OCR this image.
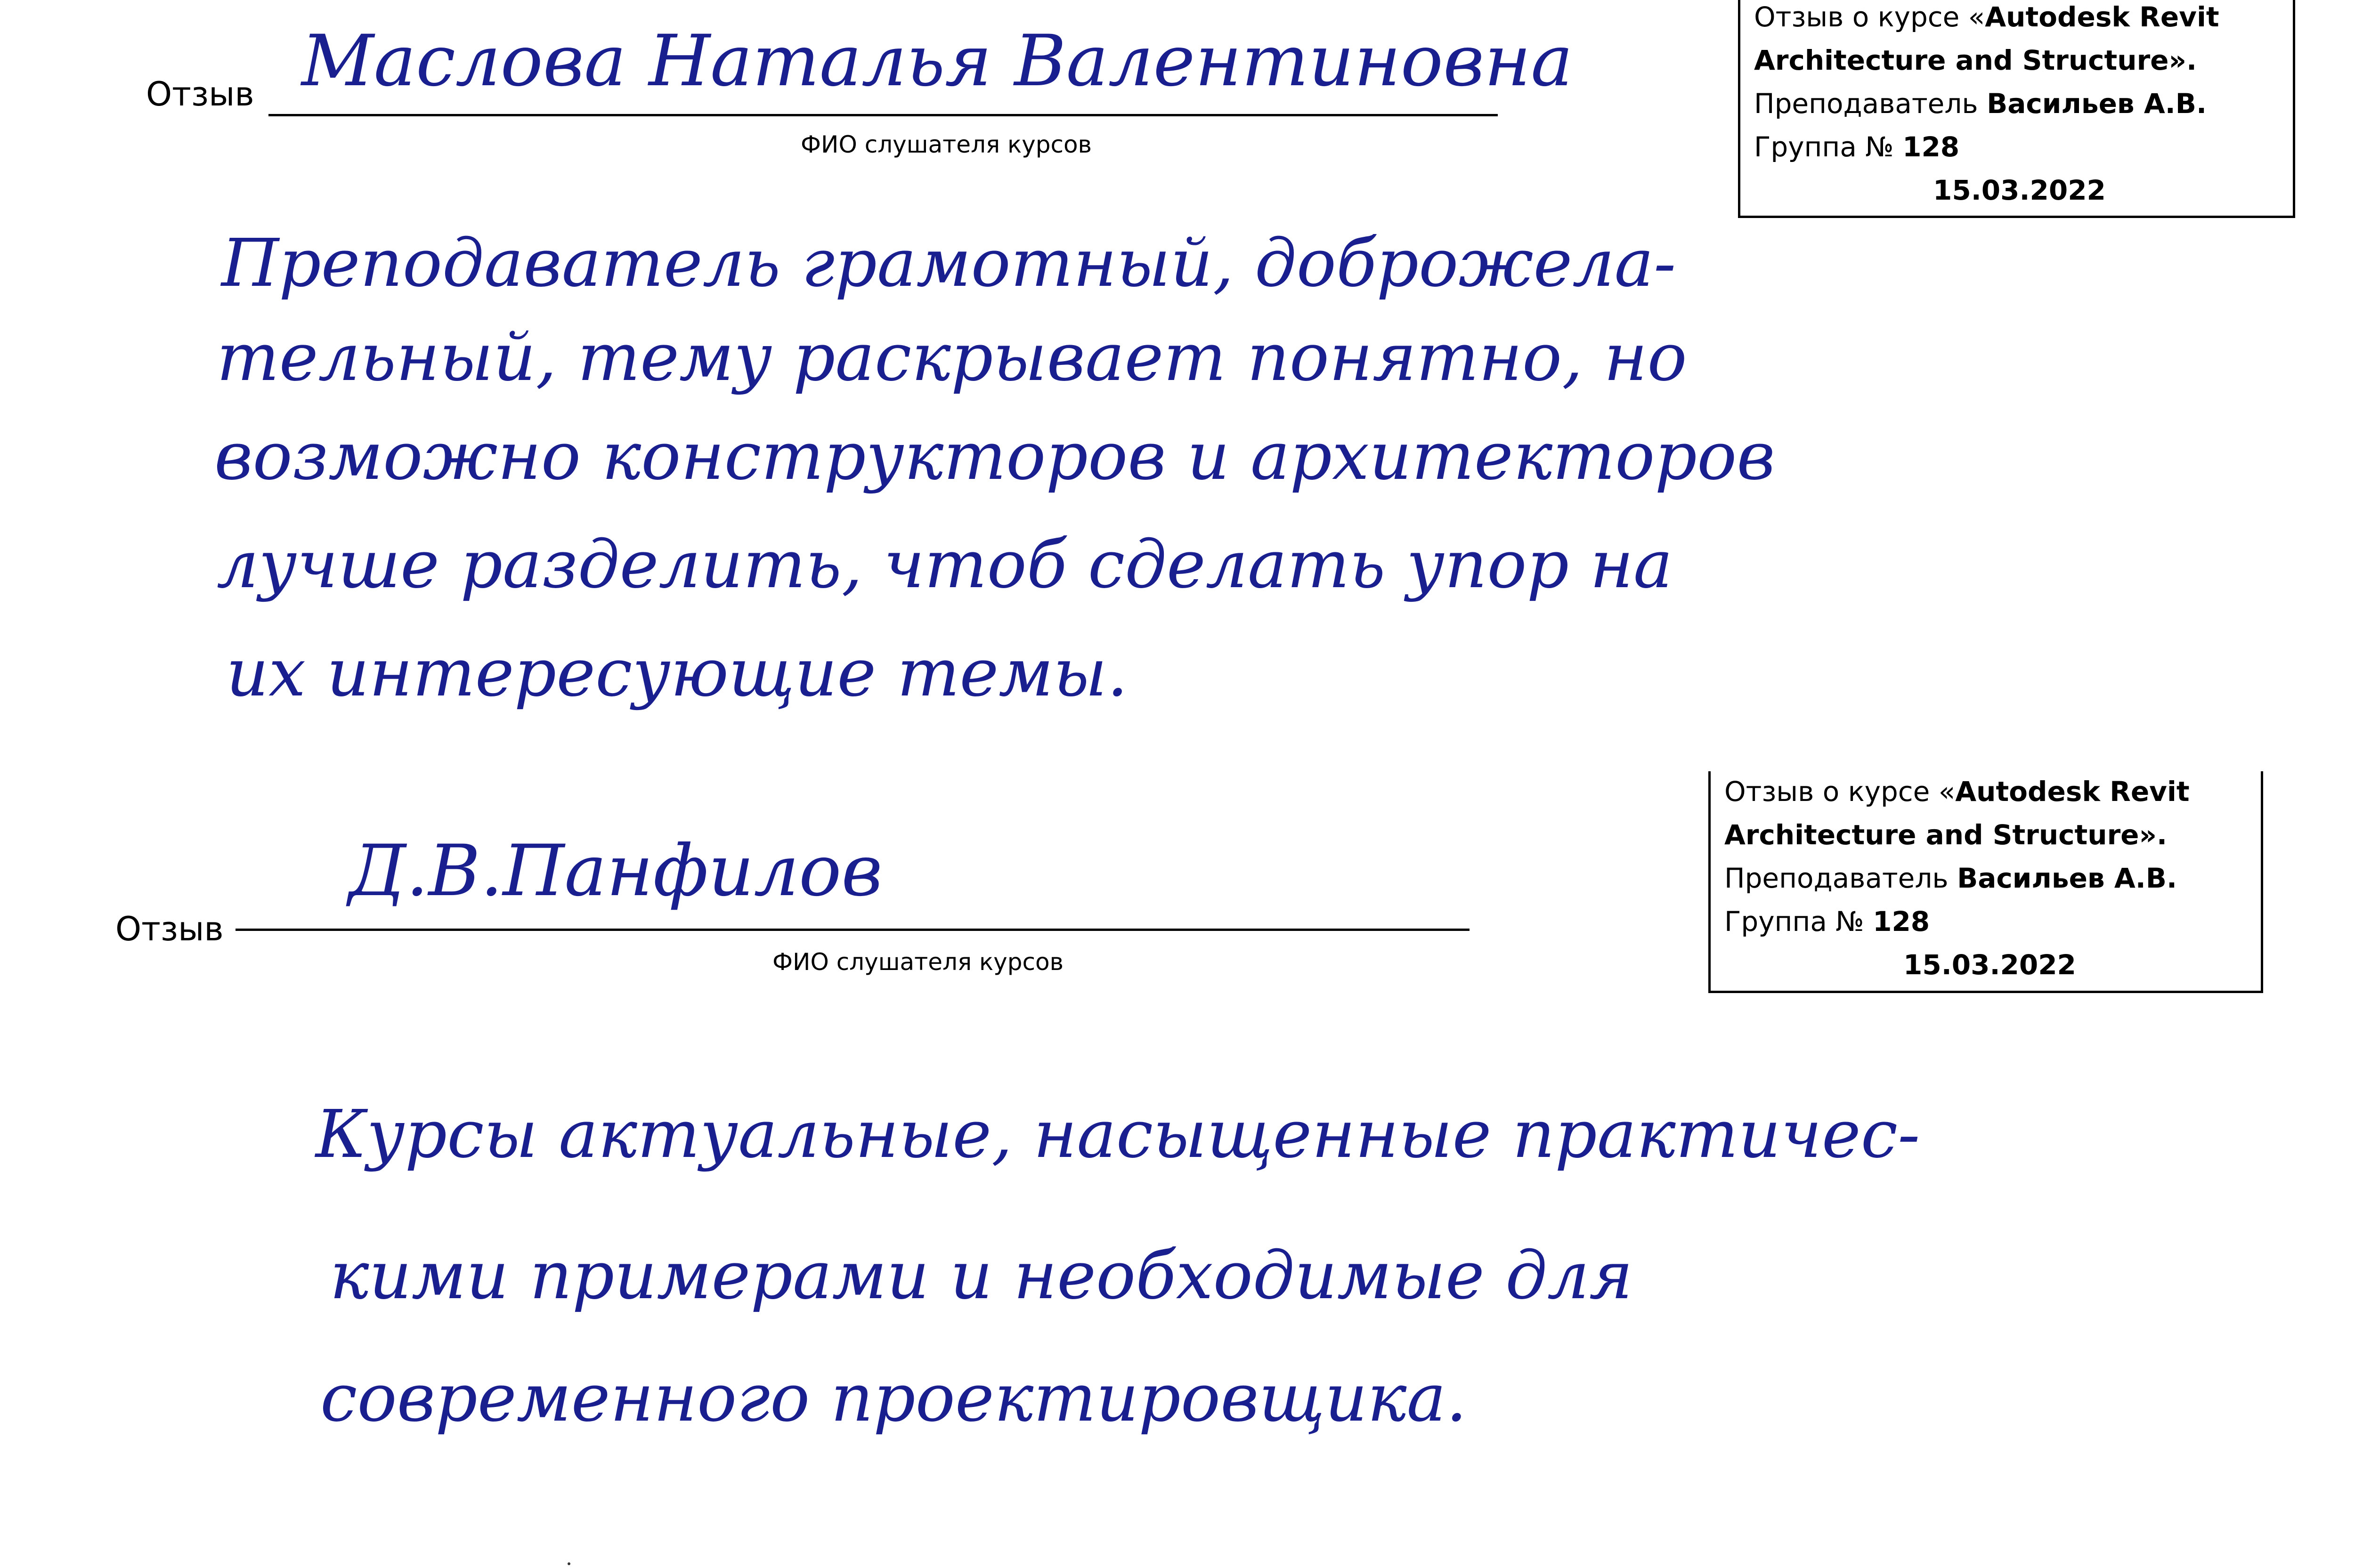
Отзыв Маслова Наталья Валентиновна
ФИО слушателя курсов
Отзыв о курсе «Autodesk Revit
Architecture and Structure».
Преподаватель Васильев А.В.
Группа № 128
15.03.2022
Преподаватель грамотный, доброжела-
тельный, тему раскрывает понятно, но
возможно конструкторов и архитекторов
лучше разделить, чтоб сделать упор на
их интересующие темы.
Отзыв
Д.В.Панфилов
ФИО слушателя курсов
Отзыв о курсе «Autodesk Revit
Architecture and Structure».
Преподаватель Васильев А.В.
Группа № 128
15.03.2022
Курсы актуальные, насыщенные практичес-
кими примерами и необходимые для
современного проектировщика.
